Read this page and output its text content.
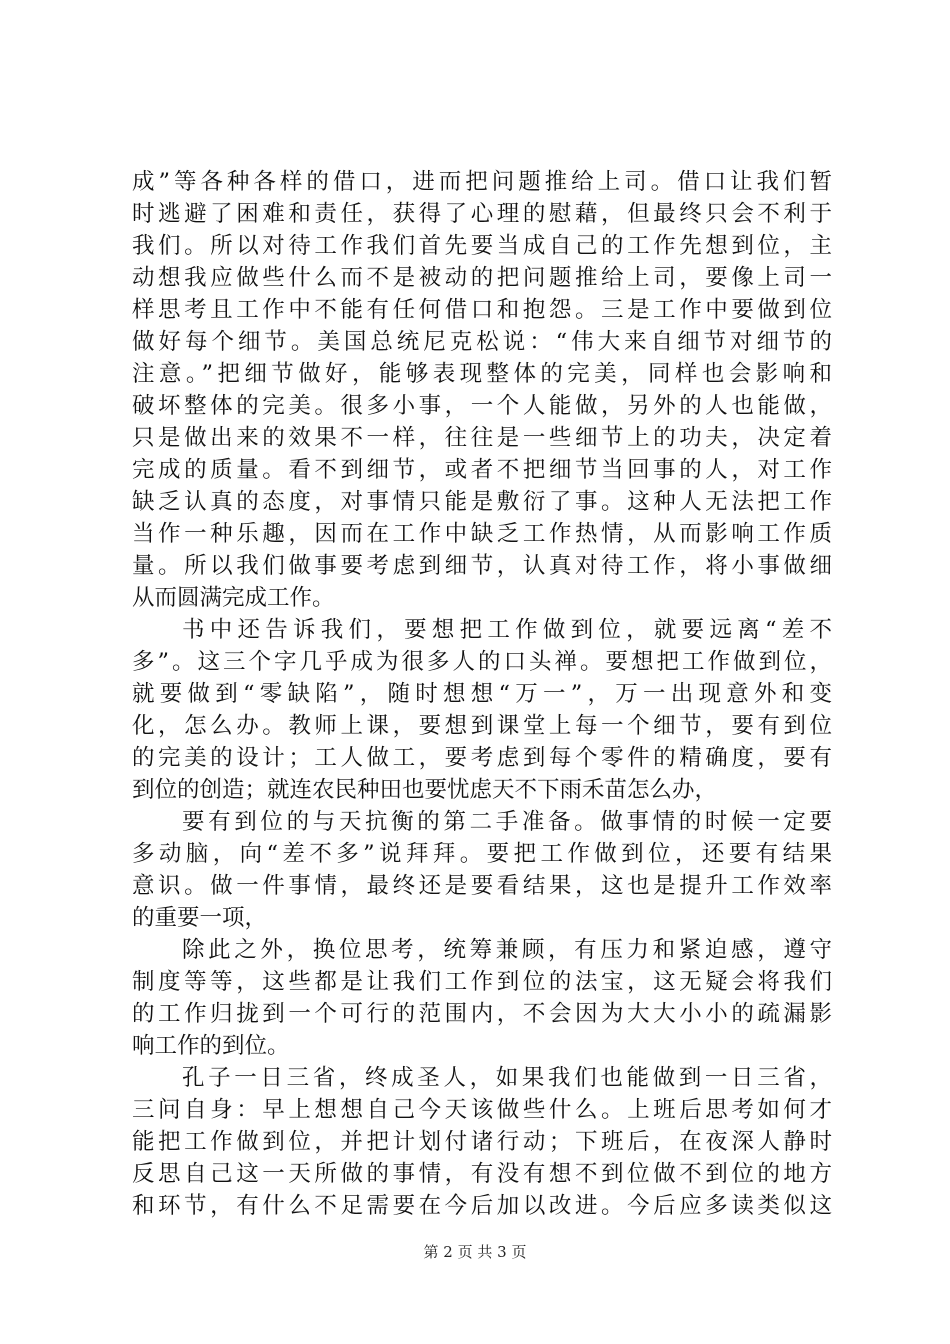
成”等各种各样的借口，进而把问题推给上司。借口让我们暂
时逃避了困难和责任，获得了心理的慰藉，但最终只会不利于
我们。所以对待工作我们首先要当成自己的工作先想到位，主
动想我应做些什么而不是被动的把问题推给上司，要像上司一
样思考且工作中不能有任何借口和抱怨。三是工作中要做到位
做好每个细节。美国总统尼克松说：“伟大来自细节对细节的
注意。”把细节做好，能够表现整体的完美，同样也会影响和
破坏整体的完美。很多小事，一个人能做，另外的人也能做，
只是做出来的效果不一样，往往是一些细节上的功夫，决定着
完成的质量。看不到细节，或者不把细节当回事的人，对工作
缺乏认真的态度，对事情只能是敷衍了事。这种人无法把工作
当作一种乐趣，因而在工作中缺乏工作热情，从而影响工作质
量。所以我们做事要考虑到细节，认真对待工作，将小事做细
从而圆满完成工作。
书中还告诉我们，要想把工作做到位，就要远离“差不
多”。这三个字几乎成为很多人的口头禅。要想把工作做到位，
就要做到“零缺陷”，随时想想“万一”，万一出现意外和变
化，怎么办。教师上课，要想到课堂上每一个细节，要有到位
的完美的设计；工人做工，要考虑到每个零件的精确度，要有
到位的创造；就连农民种田也要忧虑天不下雨禾苗怎么办，
要有到位的与天抗衡的第二手准备。做事情的时候一定要
多动脑，向“差不多”说拜拜。要把工作做到位，还要有结果
意识。做一件事情，最终还是要看结果，这也是提升工作效率
的重要一项，
除此之外，换位思考，统筹兼顾，有压力和紧迫感，遵守
制度等等，这些都是让我们工作到位的法宝，这无疑会将我们
的工作归拢到一个可行的范围内，不会因为大大小小的疏漏影
响工作的到位。
孔子一日三省，终成圣人，如果我们也能做到一日三省，
三问自身：早上想想自己今天该做些什么。上班后思考如何才
能把工作做到位，并把计划付诸行动；下班后，在夜深人静时
反思自己这一天所做的事情，有没有想不到位做不到位的地方
和环节，有什么不足需要在今后加以改进。今后应多读类似这
第 2 页 共 3 页
